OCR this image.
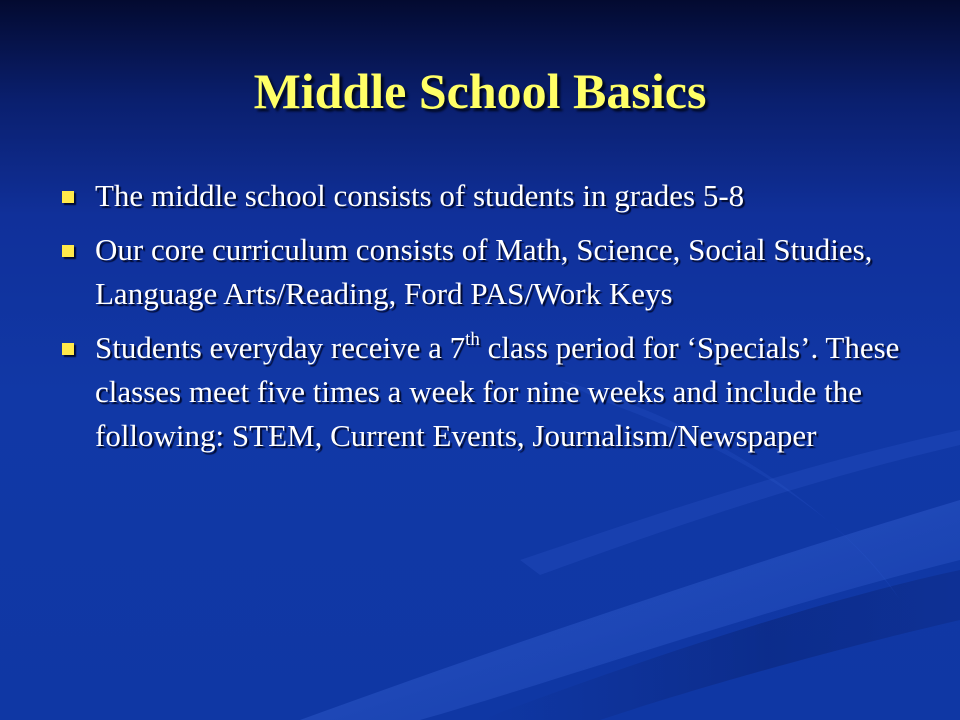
Middle School Basics
The middle school consists of students in grades 5-8
Our core curriculum consists of Math, Science, Social Studies, Language Arts/Reading, Ford PAS/Work Keys
Students everyday receive a 7th class period for ‘Specials’. These classes meet five times a week for nine weeks and include the following: STEM, Current Events, Journalism/Newspaper
